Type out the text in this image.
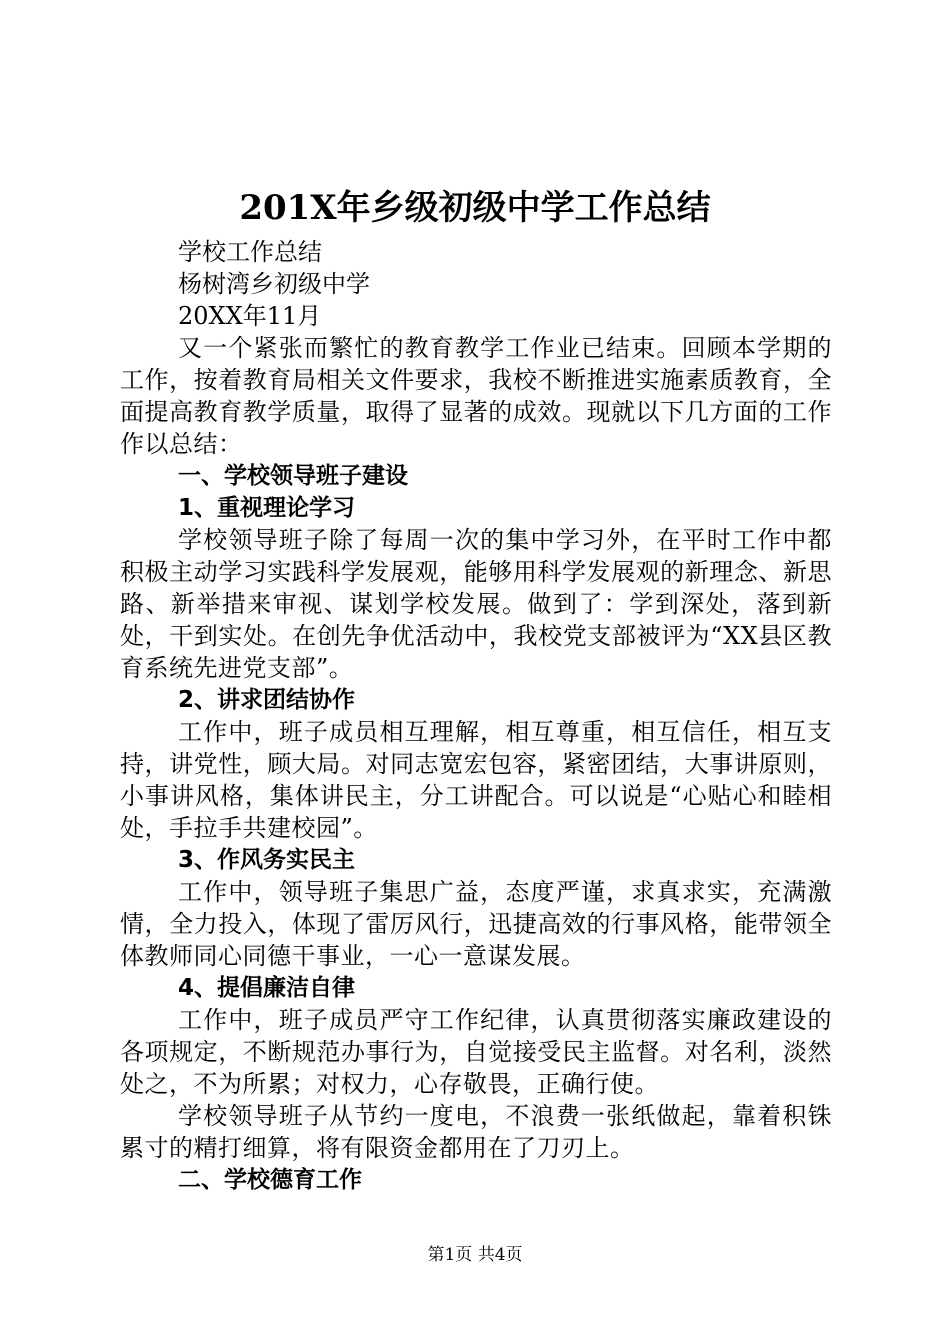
201X年乡级初级中学工作总结

学校工作总结

杨树湾乡初级中学

20XX年11月

又一个紧张而繁忙的教育教学工作业已结束。回顾本学期的工作，按着教育局相关文件要求，我校不断推进实施素质教育，全面提高教育教学质量，取得了显著的成效。现就以下几方面的工作作以总结：

一、学校领导班子建设

1、重视理论学习

学校领导班子除了每周一次的集中学习外，在平时工作中都积极主动学习实践科学发展观，能够用科学发展观的新理念、新思路、新举措来审视、谋划学校发展。做到了：学到深处，落到新处，干到实处。在创先争优活动中，我校党支部被评为“XX县区教育系统先进党支部”。

2、讲求团结协作

工作中，班子成员相互理解，相互尊重，相互信任，相互支持，讲党性，顾大局。对同志宽宏包容，紧密团结，大事讲原则，小事讲风格，集体讲民主，分工讲配合。可以说是“心贴心和睦相处，手拉手共建校园”。

3、作风务实民主

工作中，领导班子集思广益，态度严谨，求真求实，充满激情，全力投入，体现了雷厉风行，迅捷高效的行事风格，能带领全体教师同心同德干事业，一心一意谋发展。

4、提倡廉洁自律

工作中，班子成员严守工作纪律，认真贯彻落实廉政建设的各项规定，不断规范办事行为，自觉接受民主监督。对名利，淡然处之，不为所累；对权力，心存敬畏，正确行使。

学校领导班子从节约一度电，不浪费一张纸做起，靠着积铢累寸的精打细算，将有限资金都用在了刀刃上。

二、学校德育工作

第1页 共4页
